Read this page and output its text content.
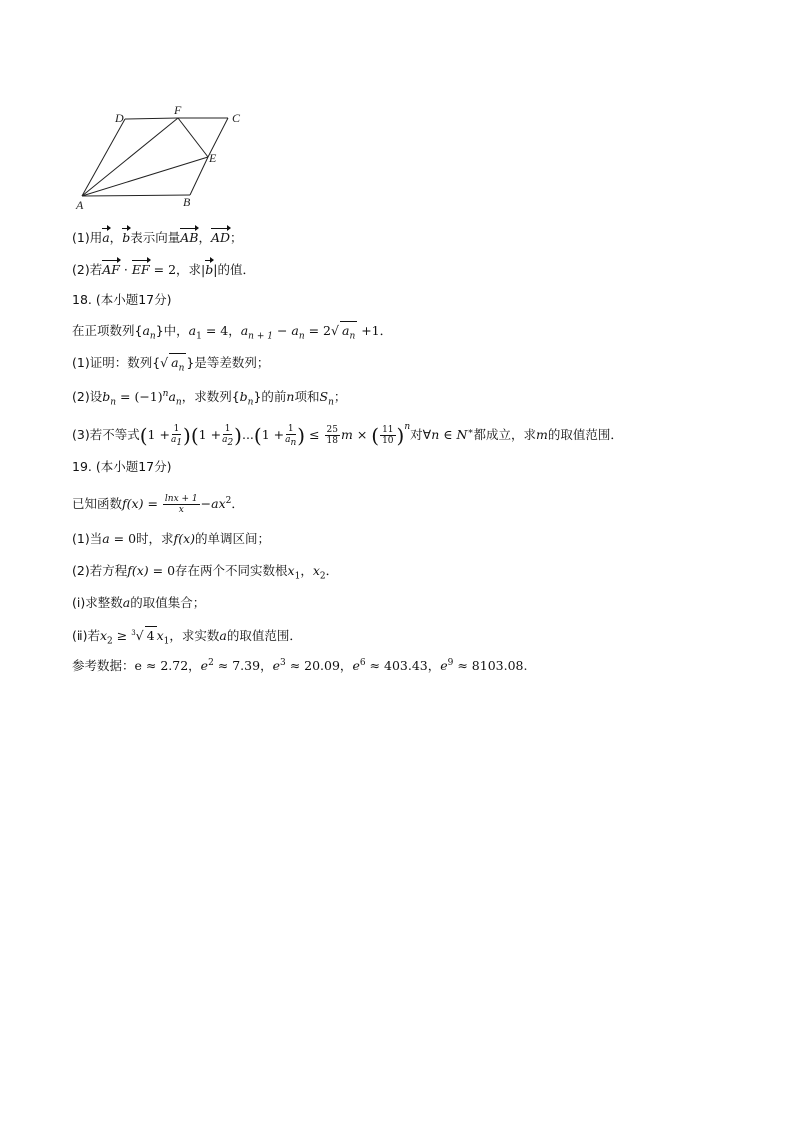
D
F
C
E
A	B
(1)用a，b表示向量AB，AD；
(2)若AF · EF = 2，求|b|的值．
18. (本小题17分)
在正项数列$\{a_n\}$中，$a_1 = 4$，$a_{n + 1} - a_n = 2√$ $a_n +1$．
(1)证明：数列{√ $a_n$ }是等差数列；
(2)设$b_n = (-1)^na_n$，求数列$\{b_n\}$的前n项和$S_n$；
(3)若不等式$(1 + \frac{1}{a_1} )(1 + \frac{1}{a_2} )...(1 + \frac{1}{a_n}$ ) ≤ $\frac{25}{18}$ m × ( $\frac{11}{10} )^n$对∀n ∈ N∗都成立，求m的取值范围．
19. (本小题17分)
已知函数$f(x) = \frac{\ln x + 1}{x} -ax^2$．
(1)当a = 0时，求f(x)的单调区间；
(2)若方程f(x) = 0存在两个不同实数根$x_1$，$x_2$．
(ⅰ)求整数a的取值集合；
(ⅱ)若$x_2 \ge ^3√$ 4 $x_1$，求实数a的取值范围．
参考数据：e ≈ 2.72，$e^2 \approx 7.39$，$e^3 \approx 20.09$，$e^6 \approx 403.43$，$e^9 \approx 8103.08$.
